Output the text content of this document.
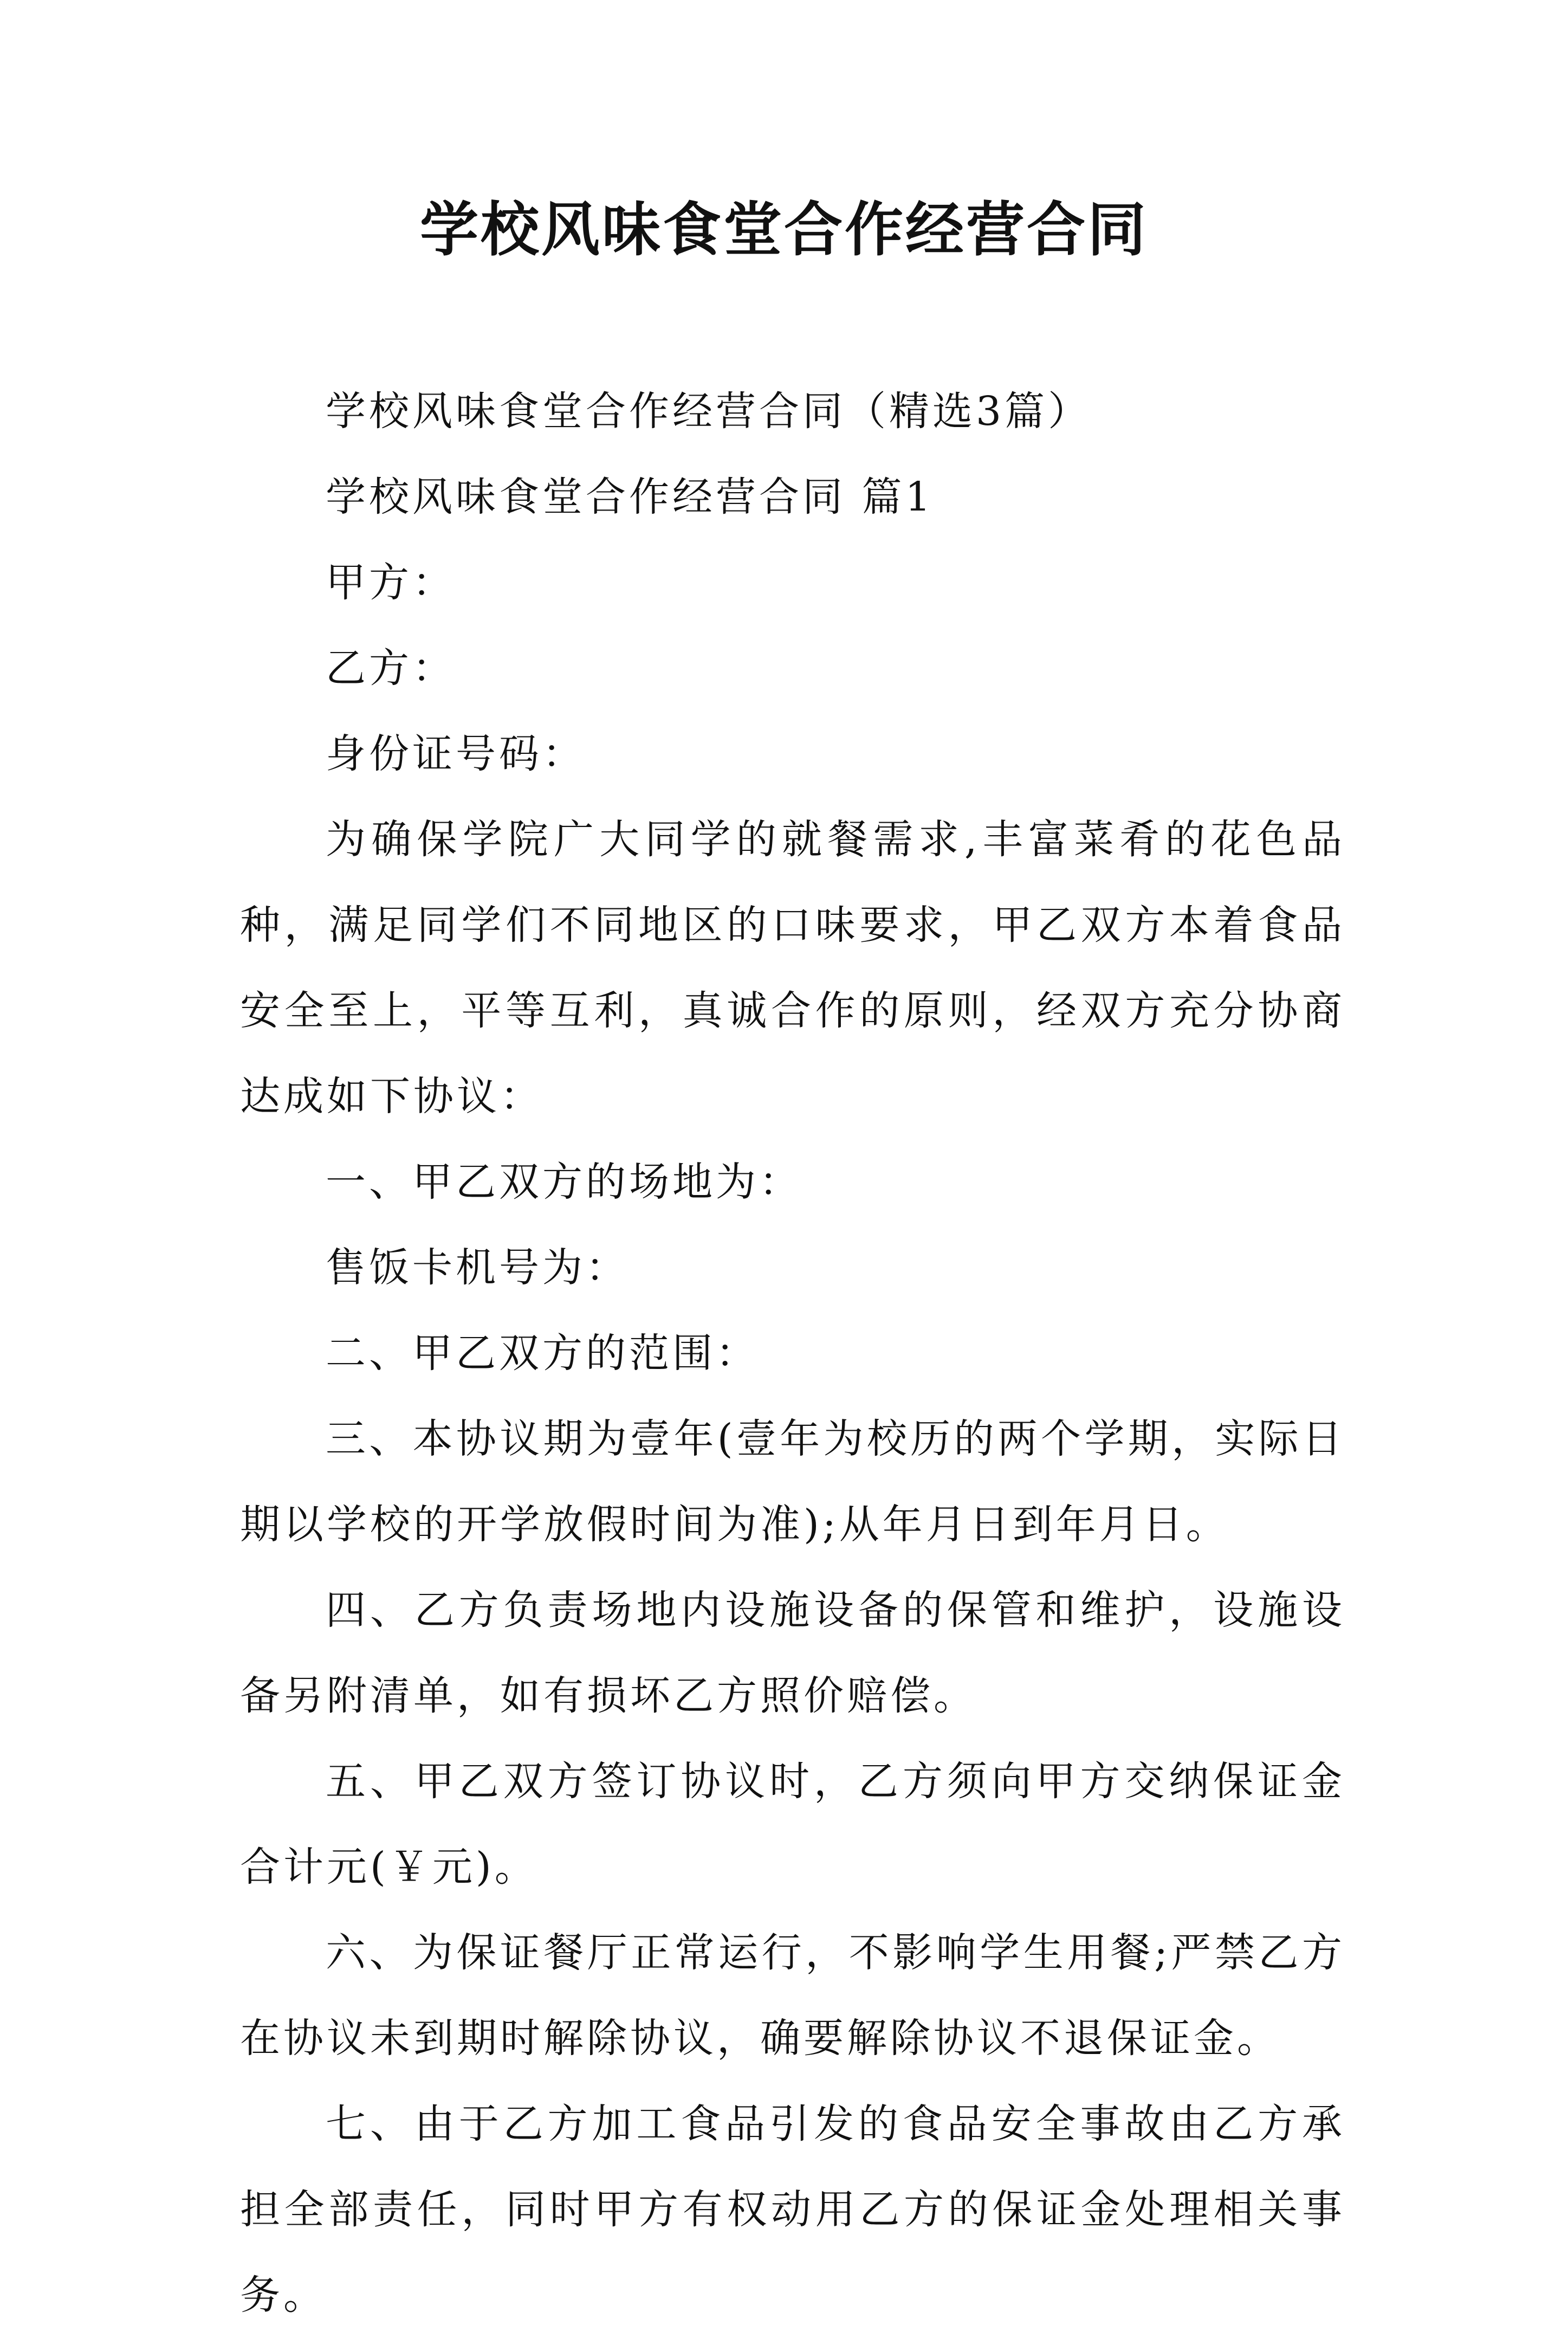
学校风味食堂合作经营合同

学校风味食堂合作经营合同（精选3篇）

学校风味食堂合作经营合同 篇1

甲方：

乙方：

身份证号码：

为确保学院广大同学的就餐需求,丰富菜肴的花色品种，满足同学们不同地区的口味要求，甲乙双方本着食品安全至上，平等互利，真诚合作的原则，经双方充分协商达成如下协议：

一、甲乙双方的场地为：

售饭卡机号为：

二、甲乙双方的范围：

三、本协议期为壹年(壹年为校历的两个学期，实际日期以学校的开学放假时间为准);从年月日到年月日。

四、乙方负责场地内设施设备的保管和维护，设施设备另附清单，如有损坏乙方照价赔偿。

五、甲乙双方签订协议时，乙方须向甲方交纳保证金合计元(￥元)。

六、为保证餐厅正常运行，不影响学生用餐;严禁乙方在协议未到期时解除协议，确要解除协议不退保证金。

七、由于乙方加工食品引发的食品安全事故由乙方承担全部责任，同时甲方有权动用乙方的保证金处理相关事务。
